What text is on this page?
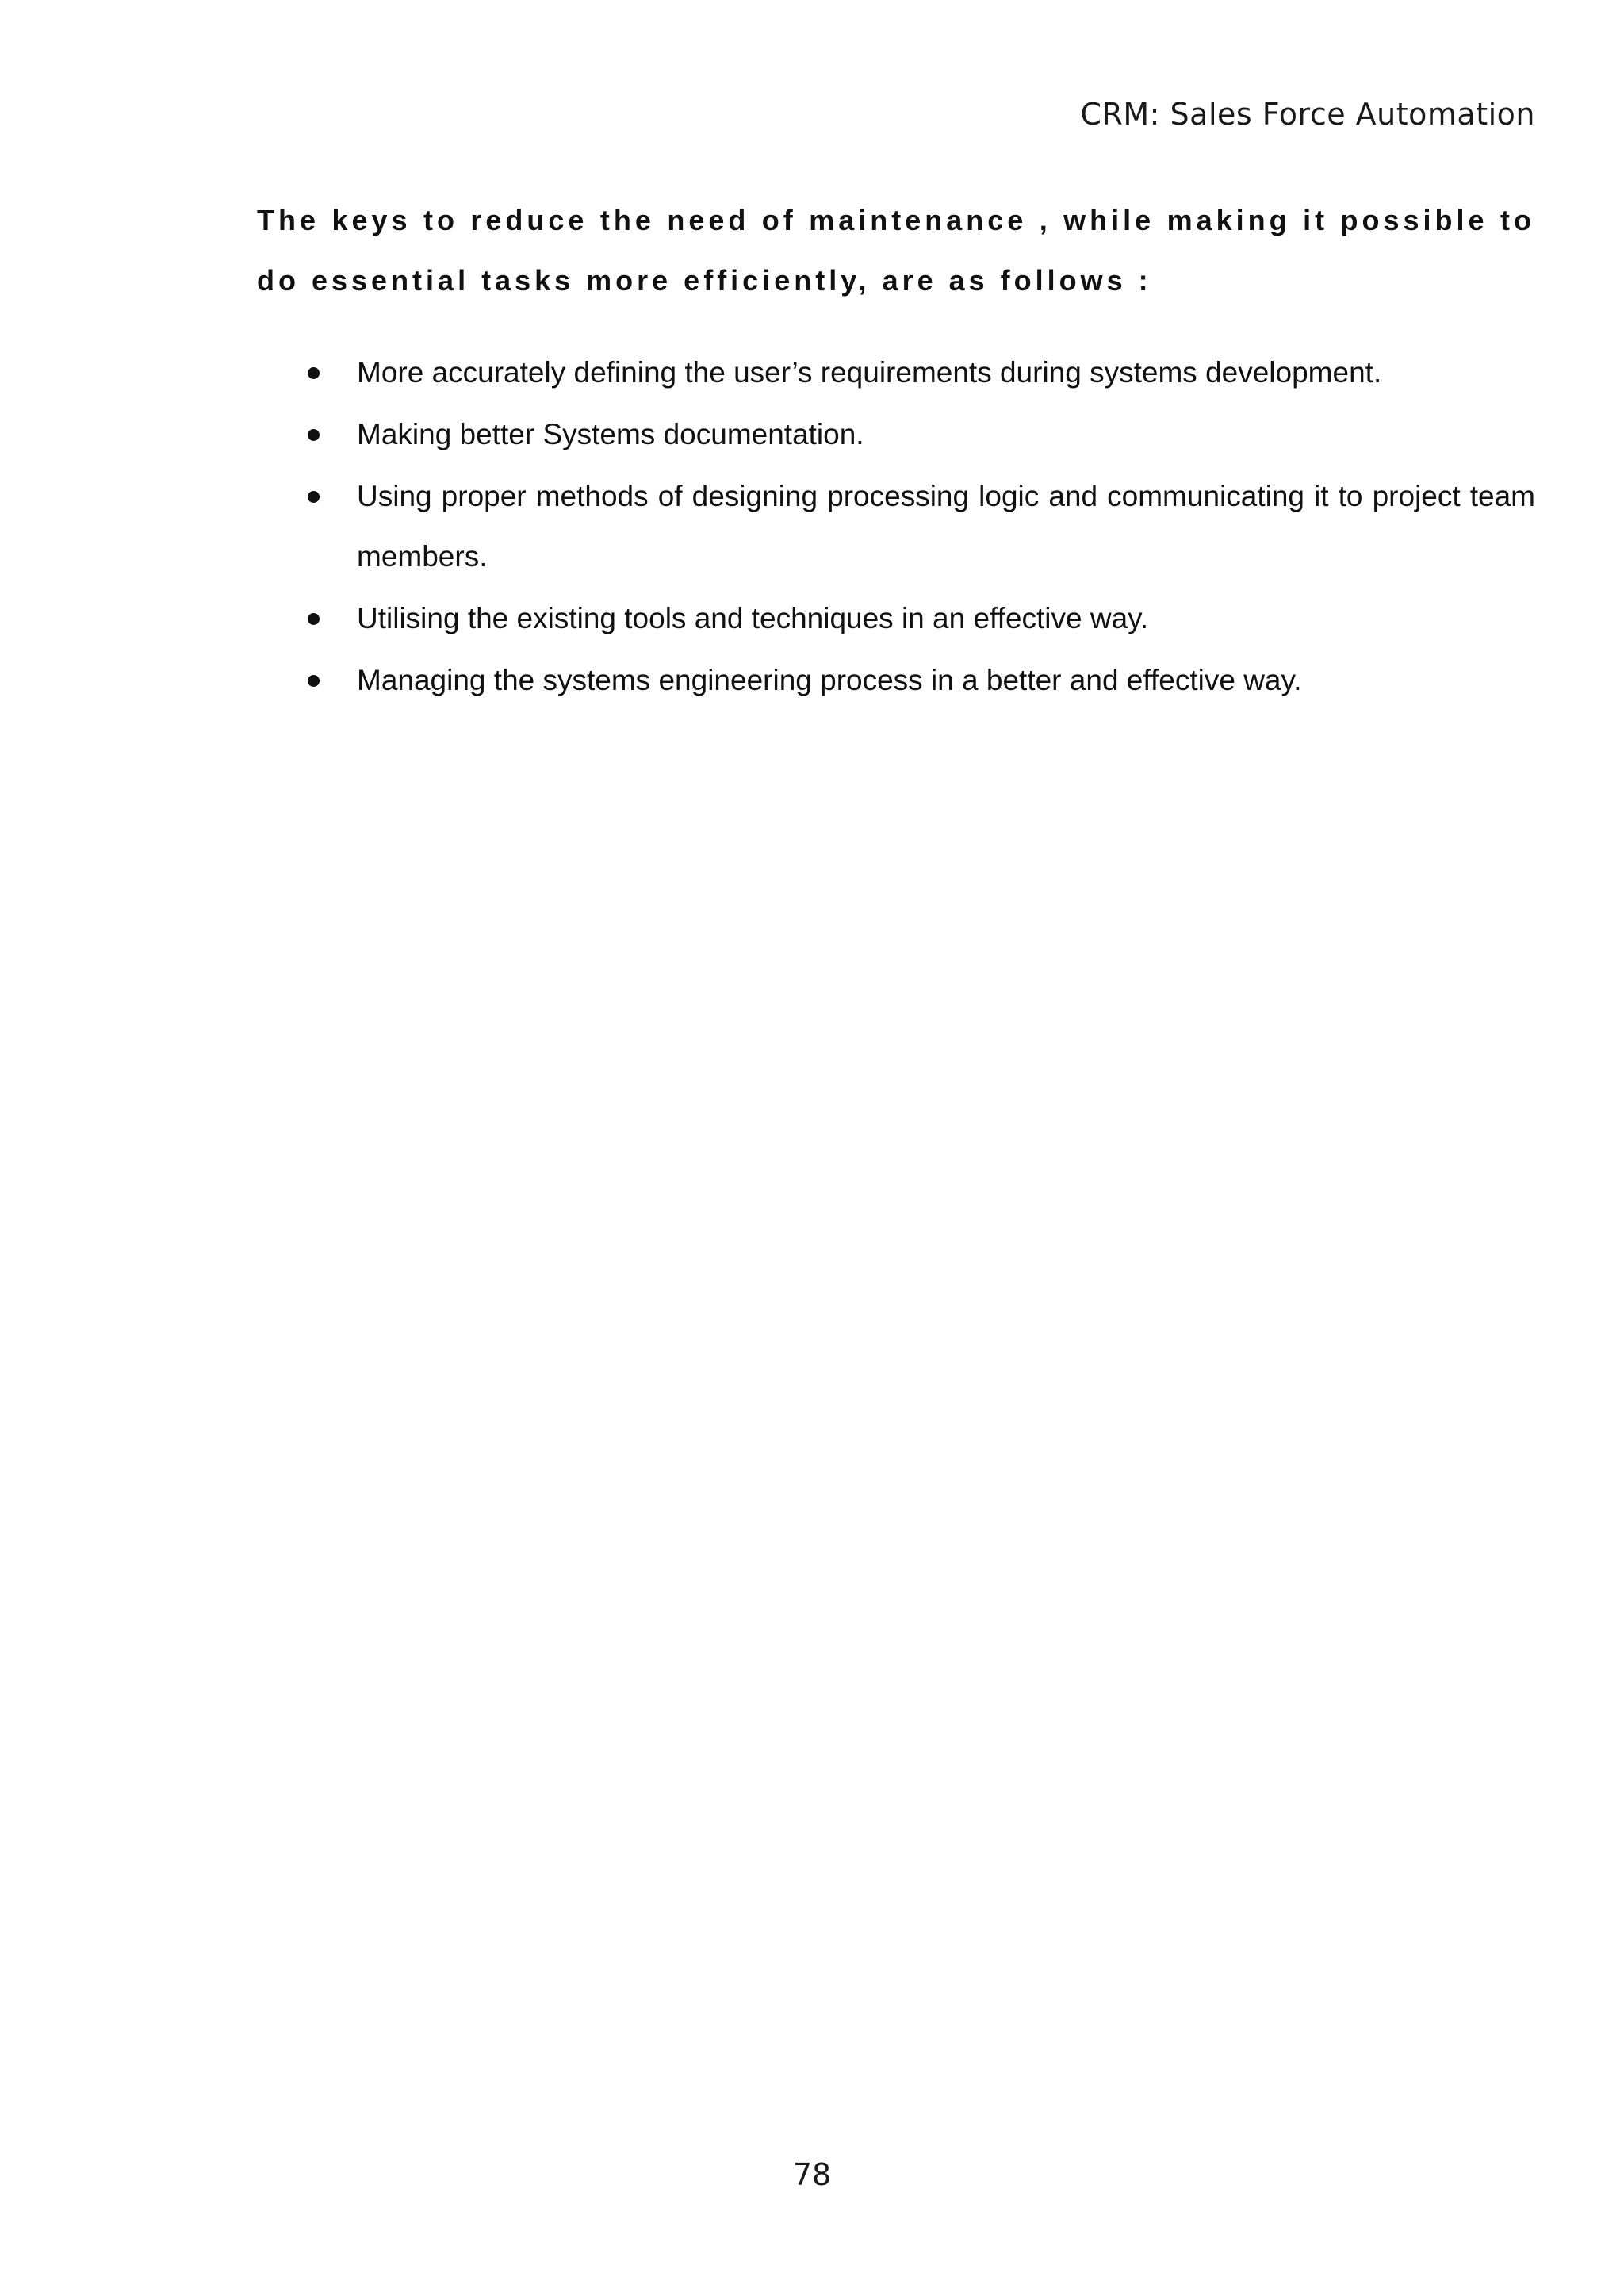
CRM: Sales Force Automation

The keys to reduce the need of maintenance , while making it possible to do essential tasks more efficiently, are as follows :

More accurately defining the user’s requirements during systems development.
Making better Systems documentation.
Using proper methods of designing processing logic and communicating it to project team members.
Utilising the existing tools and techniques in an effective way.
Managing the systems engineering process in a better and effective way.
78
